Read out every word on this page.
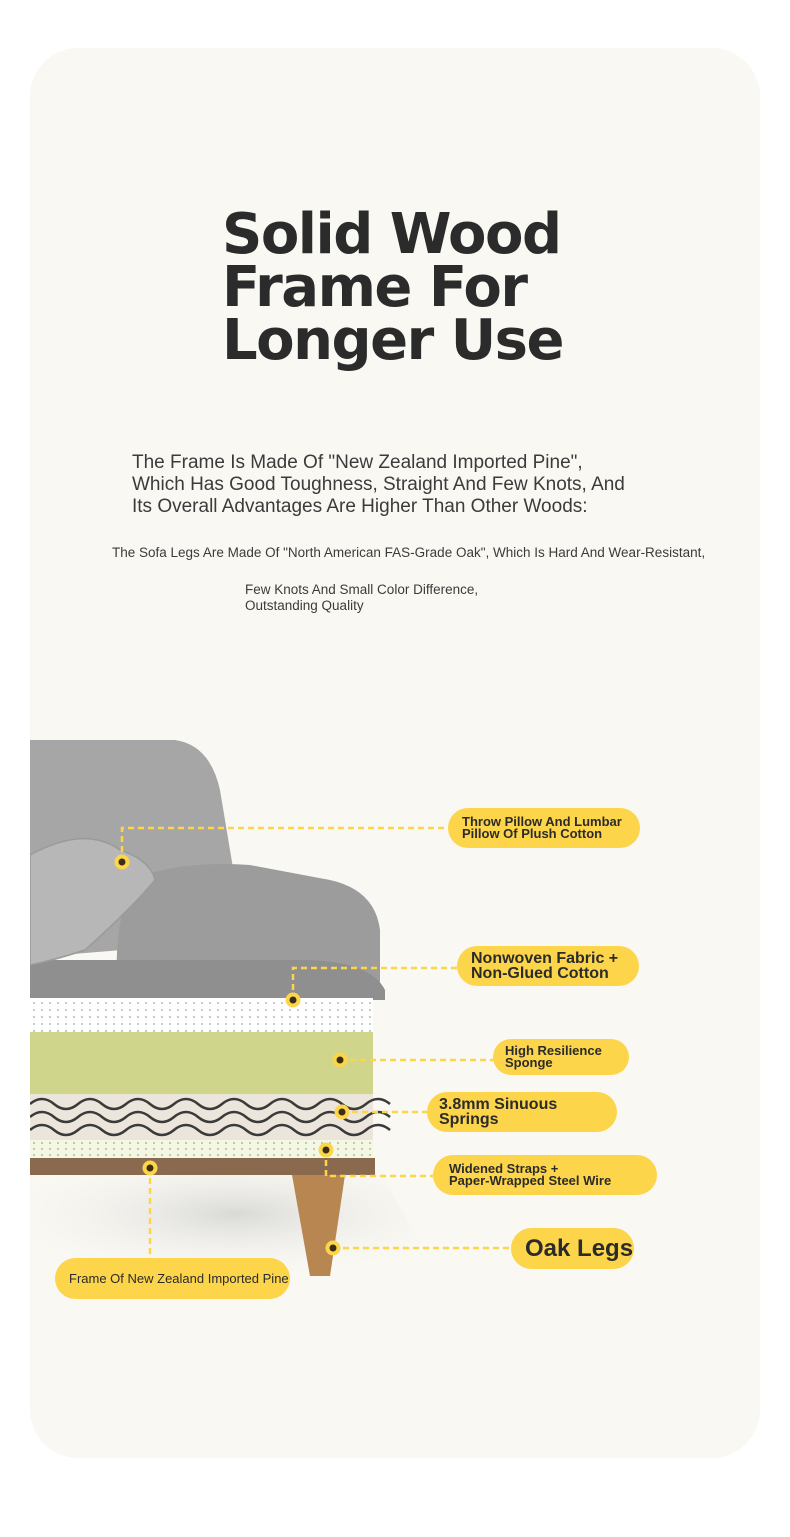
Solid Wood
Frame For
Longer Use

The Frame Is Made Of "New Zealand Imported Pine",
Which Has Good Toughness, Straight And Few Knots, And
Its Overall Advantages Are Higher Than Other Woods:

The Sofa Legs Are Made Of "North American FAS-Grade Oak", Which Is Hard And Wear-Resistant,

Few Knots And Small Color Difference,
Outstanding Quality

Throw Pillow And Lumbar
Pillow Of Plush Cotton
Nonwoven Fabric +
Non-Glued Cotton
High Resilience
Sponge
3.8mm Sinuous
Springs
Widened Straps +
Paper-Wrapped Steel Wire
Oak Legs
Frame Of New Zealand Imported Pine
